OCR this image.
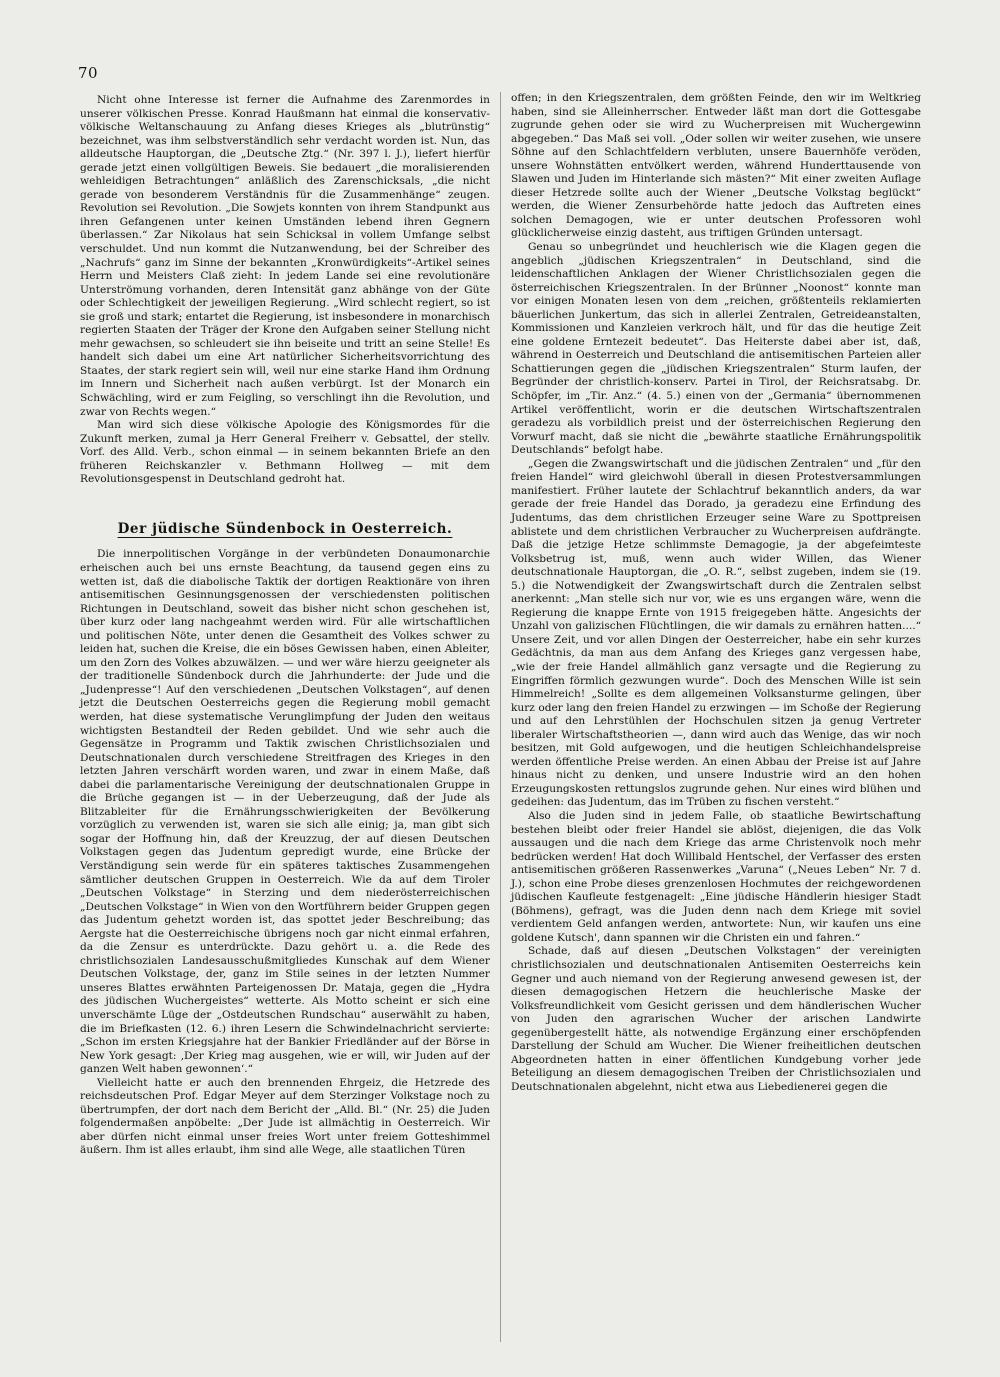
70

Nicht ohne Interesse ist ferner die Aufnahme des Zarenmordes in unserer völkischen Presse. Konrad Haußmann hat einmal die konservativ-völkische Weltanschauung zu Anfang dieses Krieges als „blutrünstig“ bezeichnet, was ihm selbstverständlich sehr verdacht worden ist. Nun, das alldeutsche Hauptorgan, die „Deutsche Ztg.“ (Nr. 397 l. J.), liefert hierfür gerade jetzt einen vollgültigen Beweis. Sie bedauert „die moralisierenden wehleidigen Betrachtungen“ anläßlich des Zarenschicksals, „die nicht gerade von besonderem Verständnis für die Zusammenhänge“ zeugen. Revolution sei Revolution. „Die Sowjets konnten von ihrem Standpunkt aus ihren Gefangenen unter keinen Umständen lebend ihren Gegnern überlassen.“ Zar Nikolaus hat sein Schicksal in vollem Umfange selbst verschuldet. Und nun kommt die Nutzanwendung, bei der Schreiber des „Nachrufs“ ganz im Sinne der bekannten „Kronwürdigkeits“-Artikel seines Herrn und Meisters Claß zieht: In jedem Lande sei eine revolutionäre Unterströmung vorhanden, deren Intensität ganz abhänge von der Güte oder Schlechtigkeit der jeweiligen Regierung. „Wird schlecht regiert, so ist sie groß und stark; entartet die Regierung, ist insbesondere in monarchisch regierten Staaten der Träger der Krone den Aufgaben seiner Stellung nicht mehr gewachsen, so schleudert sie ihn beiseite und tritt an seine Stelle! Es handelt sich dabei um eine Art natürlicher Sicherheitsvorrichtung des Staates, der stark regiert sein will, weil nur eine starke Hand ihm Ordnung im Innern und Sicherheit nach außen verbürgt. Ist der Monarch ein Schwächling, wird er zum Feigling, so verschlingt ihn die Revolution, und zwar von Rechts wegen.“

Man wird sich diese völkische Apologie des Königsmordes für die Zukunft merken, zumal ja Herr General Freiherr v. Gebsattel, der stellv. Vorf. des Alld. Verb., schon einmal — in seinem bekannten Briefe an den früheren Reichskanzler v. Bethmann Hollweg — mit dem Revolutionsgespenst in Deutschland gedroht hat.

Der jüdische Sündenbock in Oesterreich.

Die innerpolitischen Vorgänge in der verbündeten Donaumonarchie erheischen auch bei uns ernste Beachtung, da tausend gegen eins zu wetten ist, daß die diabolische Taktik der dortigen Reaktionäre von ihren antisemitischen Gesinnungsgenossen der verschiedensten politischen Richtungen in Deutschland, soweit das bisher nicht schon geschehen ist, über kurz oder lang nachgeahmt werden wird. Für alle wirtschaftlichen und politischen Nöte, unter denen die Gesamtheit des Volkes schwer zu leiden hat, suchen die Kreise, die ein böses Gewissen haben, einen Ableiter, um den Zorn des Volkes abzuwälzen. — und wer wäre hierzu geeigneter als der traditionelle Sündenbock durch die Jahrhunderte: der Jude und die „Judenpresse“! Auf den verschiedenen „Deutschen Volkstagen“, auf denen jetzt die Deutschen Oesterreichs gegen die Regierung mobil gemacht werden, hat diese systematische Verunglimpfung der Juden den weitaus wichtigsten Bestandteil der Reden gebildet. Und wie sehr auch die Gegensätze in Programm und Taktik zwischen Christlichsozialen und Deutschnationalen durch verschiedene Streitfragen des Krieges in den letzten Jahren verschärft worden waren, und zwar in einem Maße, daß dabei die parlamentarische Vereinigung der deutschnationalen Gruppe in die Brüche gegangen ist — in der Ueberzeugung, daß der Jude als Blitzableiter für die Ernährungsschwierigkeiten der Bevölkerung vorzüglich zu verwenden ist, waren sie sich alle einig; ja, man gibt sich sogar der Hoffnung hin, daß der Kreuzzug, der auf diesen Deutschen Volkstagen gegen das Judentum gepredigt wurde, eine Brücke der Verständigung sein werde für ein späteres taktisches Zusammengehen sämtlicher deutschen Gruppen in Oesterreich. Wie da auf dem Tiroler „Deutschen Volkstage“ in Sterzing und dem niederösterreichischen „Deutschen Volkstage“ in Wien von den Wortführern beider Gruppen gegen das Judentum gehetzt worden ist, das spottet jeder Beschreibung; das Aergste hat die Oesterreichische übrigens noch gar nicht einmal erfahren, da die Zensur es unterdrückte. Dazu gehört u. a. die Rede des christlichsozialen Landesausschußmitgliedes Kunschak auf dem Wiener Deutschen Volkstage, der, ganz im Stile seines in der letzten Nummer unseres Blattes erwähnten Parteigenossen Dr. Mataja, gegen die „Hydra des jüdischen Wuchergeistes“ wetterte. Als Motto scheint er sich eine unverschämte Lüge der „Ostdeutschen Rundschau“ auserwählt zu haben, die im Briefkasten (12. 6.) ihren Lesern die Schwindelnachricht servierte: „Schon im ersten Kriegsjahre hat der Bankier Friedländer auf der Börse in New York gesagt: ‚Der Krieg mag ausgehen, wie er will, wir Juden auf der ganzen Welt haben gewonnen‘.“

Vielleicht hatte er auch den brennenden Ehrgeiz, die Hetzrede des reichsdeutschen Prof. Edgar Meyer auf dem Sterzinger Volkstage noch zu übertrumpfen, der dort nach dem Bericht der „Alld. Bl.“ (Nr. 25) die Juden folgendermaßen anpöbelte: „Der Jude ist allmächtig in Oesterreich. Wir aber dürfen nicht einmal unser freies Wort unter freiem Gotteshimmel äußern. Ihm ist alles erlaubt, ihm sind alle Wege, alle staatlichen Türen

offen; in den Kriegszentralen, dem größten Feinde, den wir im Weltkrieg haben, sind sie Alleinherrscher. Entweder läßt man dort die Gottesgabe zugrunde gehen oder sie wird zu Wucherpreisen mit Wuchergewinn abgegeben.“ Das Maß sei voll. „Oder sollen wir weiter zusehen, wie unsere Söhne auf den Schlachtfeldern verbluten, unsere Bauernhöfe veröden, unsere Wohnstätten entvölkert werden, während Hunderttausende von Slawen und Juden im Hinterlande sich mästen?“ Mit einer zweiten Auflage dieser Hetzrede sollte auch der Wiener „Deutsche Volkstag beglückt“ werden, die Wiener Zensurbehörde hatte jedoch das Auftreten eines solchen Demagogen, wie er unter deutschen Professoren wohl glücklicherweise einzig dasteht, aus triftigen Gründen untersagt.

Genau so unbegründet und heuchlerisch wie die Klagen gegen die angeblich „jüdischen Kriegszentralen“ in Deutschland, sind die leidenschaftlichen Anklagen der Wiener Christlichsozialen gegen die österreichischen Kriegszentralen. In der Brünner „Noonost“ konnte man vor einigen Monaten lesen von dem „reichen, größtenteils reklamierten bäuerlichen Junkertum, das sich in allerlei Zentralen, Getreideanstalten, Kommissionen und Kanzleien verkroch hält, und für das die heutige Zeit eine goldene Erntezeit bedeutet“. Das Heiterste dabei aber ist, daß, während in Oesterreich und Deutschland die antisemitischen Parteien aller Schattierungen gegen die „jüdischen Kriegszentralen“ Sturm laufen, der Begründer der christlich-konserv. Partei in Tirol, der Reichsratsabg. Dr. Schöpfer, im „Tir. Anz.“ (4. 5.) einen von der „Germania“ übernommenen Artikel veröffentlicht, worin er die deutschen Wirtschaftszentralen geradezu als vorbildlich preist und der österreichischen Regierung den Vorwurf macht, daß sie nicht die „bewährte staatliche Ernährungspolitik Deutschlands“ befolgt habe.

„Gegen die Zwangswirtschaft und die jüdischen Zentralen“ und „für den freien Handel“ wird gleichwohl überall in diesen Protestversammlungen manifestiert. Früher lautete der Schlachtruf bekanntlich anders, da war gerade der freie Handel das Dorado, ja geradezu eine Erfindung des Judentums, das dem christlichen Erzeuger seine Ware zu Spottpreisen ablistete und dem christlichen Verbraucher zu Wucherpreisen aufdrängte. Daß die jetzige Hetze schlimmste Demagogie, ja der abgefeimteste Volksbetrug ist, muß, wenn auch wider Willen, das Wiener deutschnationale Hauptorgan, die „O. R.“, selbst zugeben, indem sie (19. 5.) die Notwendigkeit der Zwangswirtschaft durch die Zentralen selbst anerkennt: „Man stelle sich nur vor, wie es uns ergangen wäre, wenn die Regierung die knappe Ernte von 1915 freigegeben hätte. Angesichts der Unzahl von galizischen Flüchtlingen, die wir damals zu ernähren hatten....“ Unsere Zeit, und vor allen Dingen der Oesterreicher, habe ein sehr kurzes Gedächtnis, da man aus dem Anfang des Krieges ganz vergessen habe, „wie der freie Handel allmählich ganz versagte und die Regierung zu Eingriffen förmlich gezwungen wurde“. Doch des Menschen Wille ist sein Himmelreich! „Sollte es dem allgemeinen Volksansturme gelingen, über kurz oder lang den freien Handel zu erzwingen — im Schoße der Regierung und auf den Lehrstühlen der Hochschulen sitzen ja genug Vertreter liberaler Wirtschaftstheorien —, dann wird auch das Wenige, das wir noch besitzen, mit Gold aufgewogen, und die heutigen Schleichhandelspreise werden öffentliche Preise werden. An einen Abbau der Preise ist auf Jahre hinaus nicht zu denken, und unsere Industrie wird an den hohen Erzeugungskosten rettungslos zugrunde gehen. Nur eines wird blühen und gedeihen: das Judentum, das im Trüben zu fischen versteht.“

Also die Juden sind in jedem Falle, ob staatliche Bewirtschaftung bestehen bleibt oder freier Handel sie ablöst, diejenigen, die das Volk aussaugen und die nach dem Kriege das arme Christenvolk noch mehr bedrücken werden! Hat doch Willibald Hentschel, der Verfasser des ersten antisemitischen größeren Rassenwerkes „Varuna“ („Neues Leben“ Nr. 7 d. J.), schon eine Probe dieses grenzenlosen Hochmutes der reichgewordenen jüdischen Kaufleute festgenagelt: „Eine jüdische Händlerin hiesiger Stadt (Böhmens), gefragt, was die Juden denn nach dem Kriege mit soviel verdientem Geld anfangen werden, antwortete: Nun, wir kaufen uns eine goldene Kutsch', dann spannen wir die Christen ein und fahren.“

Schade, daß auf diesen „Deutschen Volkstagen“ der vereinigten christlichsozialen und deutschnationalen Antisemiten Oesterreichs kein Gegner und auch niemand von der Regierung anwesend gewesen ist, der diesen demagogischen Hetzern die heuchlerische Maske der Volksfreundlichkeit vom Gesicht gerissen und dem händlerischen Wucher von Juden den agrarischen Wucher der arischen Landwirte gegenübergestellt hätte, als notwendige Ergänzung einer erschöpfenden Darstellung der Schuld am Wucher. Die Wiener freiheitlichen deutschen Abgeordneten hatten in einer öffentlichen Kundgebung vorher jede Beteiligung an diesem demagogischen Treiben der Christlichsozialen und Deutschnationalen abgelehnt, nicht etwa aus Liebedienerei gegen die
